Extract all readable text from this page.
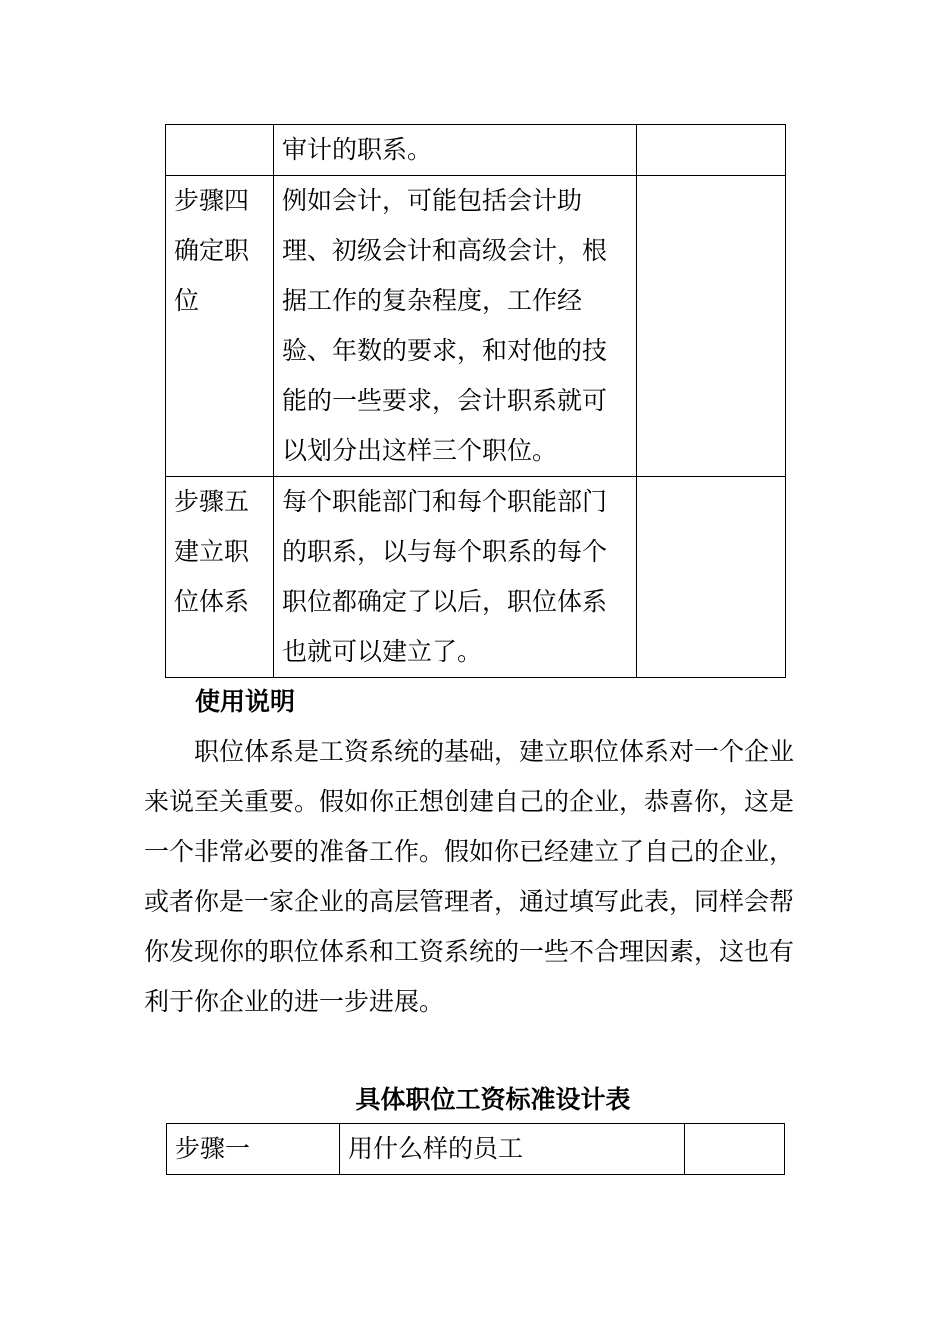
	审计的职系。	
步骤四确定职位	例如会计，可能包括会计助理、初级会计和高级会计，根据工作的复杂程度，工作经验、年数的要求，和对他的技能的一些要求，会计职系就可以划分出这样三个职位。	
步骤五建立职位体系	每个职能部门和每个职能部门的职系，以与每个职系的每个职位都确定了以后，职位体系也就可以建立了。	
使用说明
职位体系是工资系统的基础，建立职位体系对一个企业来说至关重要。假如你正想创建自己的企业，恭喜你，这是一个非常必要的准备工作。假如你已经建立了自己的企业，或者你是一家企业的高层管理者，通过填写此表，同样会帮你发现你的职位体系和工资系统的一些不合理因素，这也有利于你企业的进一步进展。
具体职位工资标准设计表
步骤一	用什么样的员工	
